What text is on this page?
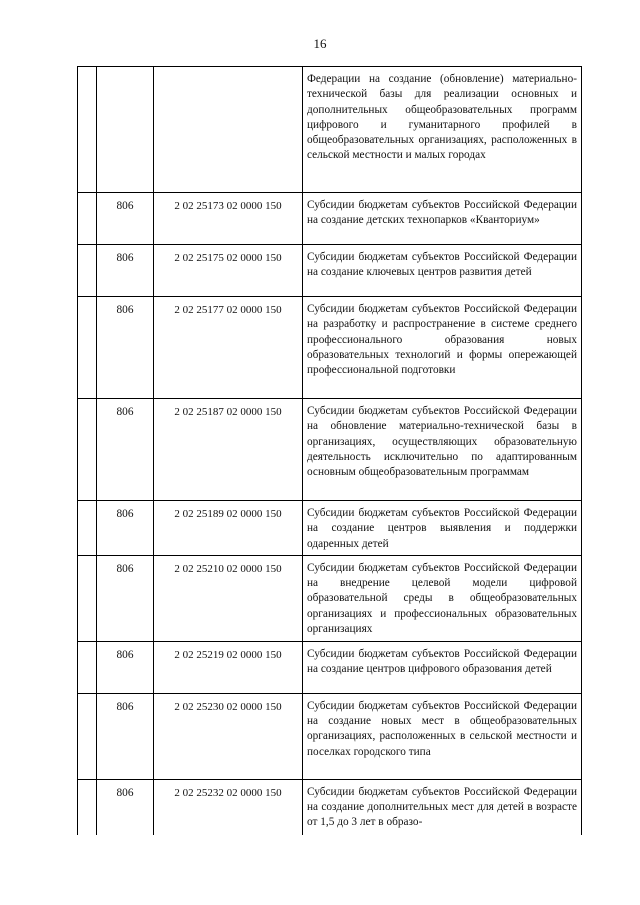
16
			Федерации на создание (обновление) материально-технической базы для реализации основных и дополнительных общеобразовательных программ цифрового и гуманитарного профилей в общеобразовательных организациях, расположенных в сельской местности и малых городах
	806	2 02 25173 02 0000 150	Субсидии бюджетам субъектов Российской Федерации на создание детских технопарков «Кванториум»
	806	2 02 25175 02 0000 150	Субсидии бюджетам субъектов Российской Федерации на создание ключевых центров развития детей
	806	2 02 25177 02 0000 150	Субсидии бюджетам субъектов Российской Федерации на разработку и распространение в системе среднего профессионального образования новых образовательных технологий и формы опережающей профессиональной подготовки
	806	2 02 25187 02 0000 150	Субсидии бюджетам субъектов Российской Федерации на обновление материально-технической базы в организациях, осуществляющих образовательную деятельность исключительно по адаптированным основным общеобразовательным программам
	806	2 02 25189 02 0000 150	Субсидии бюджетам субъектов Российской Федерации на создание центров выявления и поддержки одаренных детей
	806	2 02 25210 02 0000 150	Субсидии бюджетам субъектов Российской Федерации на внедрение целевой модели цифровой образовательной среды в общеобразовательных организациях и профессиональных образовательных организациях
	806	2 02 25219 02 0000 150	Субсидии бюджетам субъектов Российской Федерации на создание центров цифрового образования детей
	806	2 02 25230 02 0000 150	Субсидии бюджетам субъектов Российской Федерации на создание новых мест в общеобразовательных организациях, расположенных в сельской местности и поселках городского типа
	806	2 02 25232 02 0000 150	Субсидии бюджетам субъектов Российской Федерации на создание дополнительных мест для детей в возрасте от 1,5 до 3 лет в образо-
